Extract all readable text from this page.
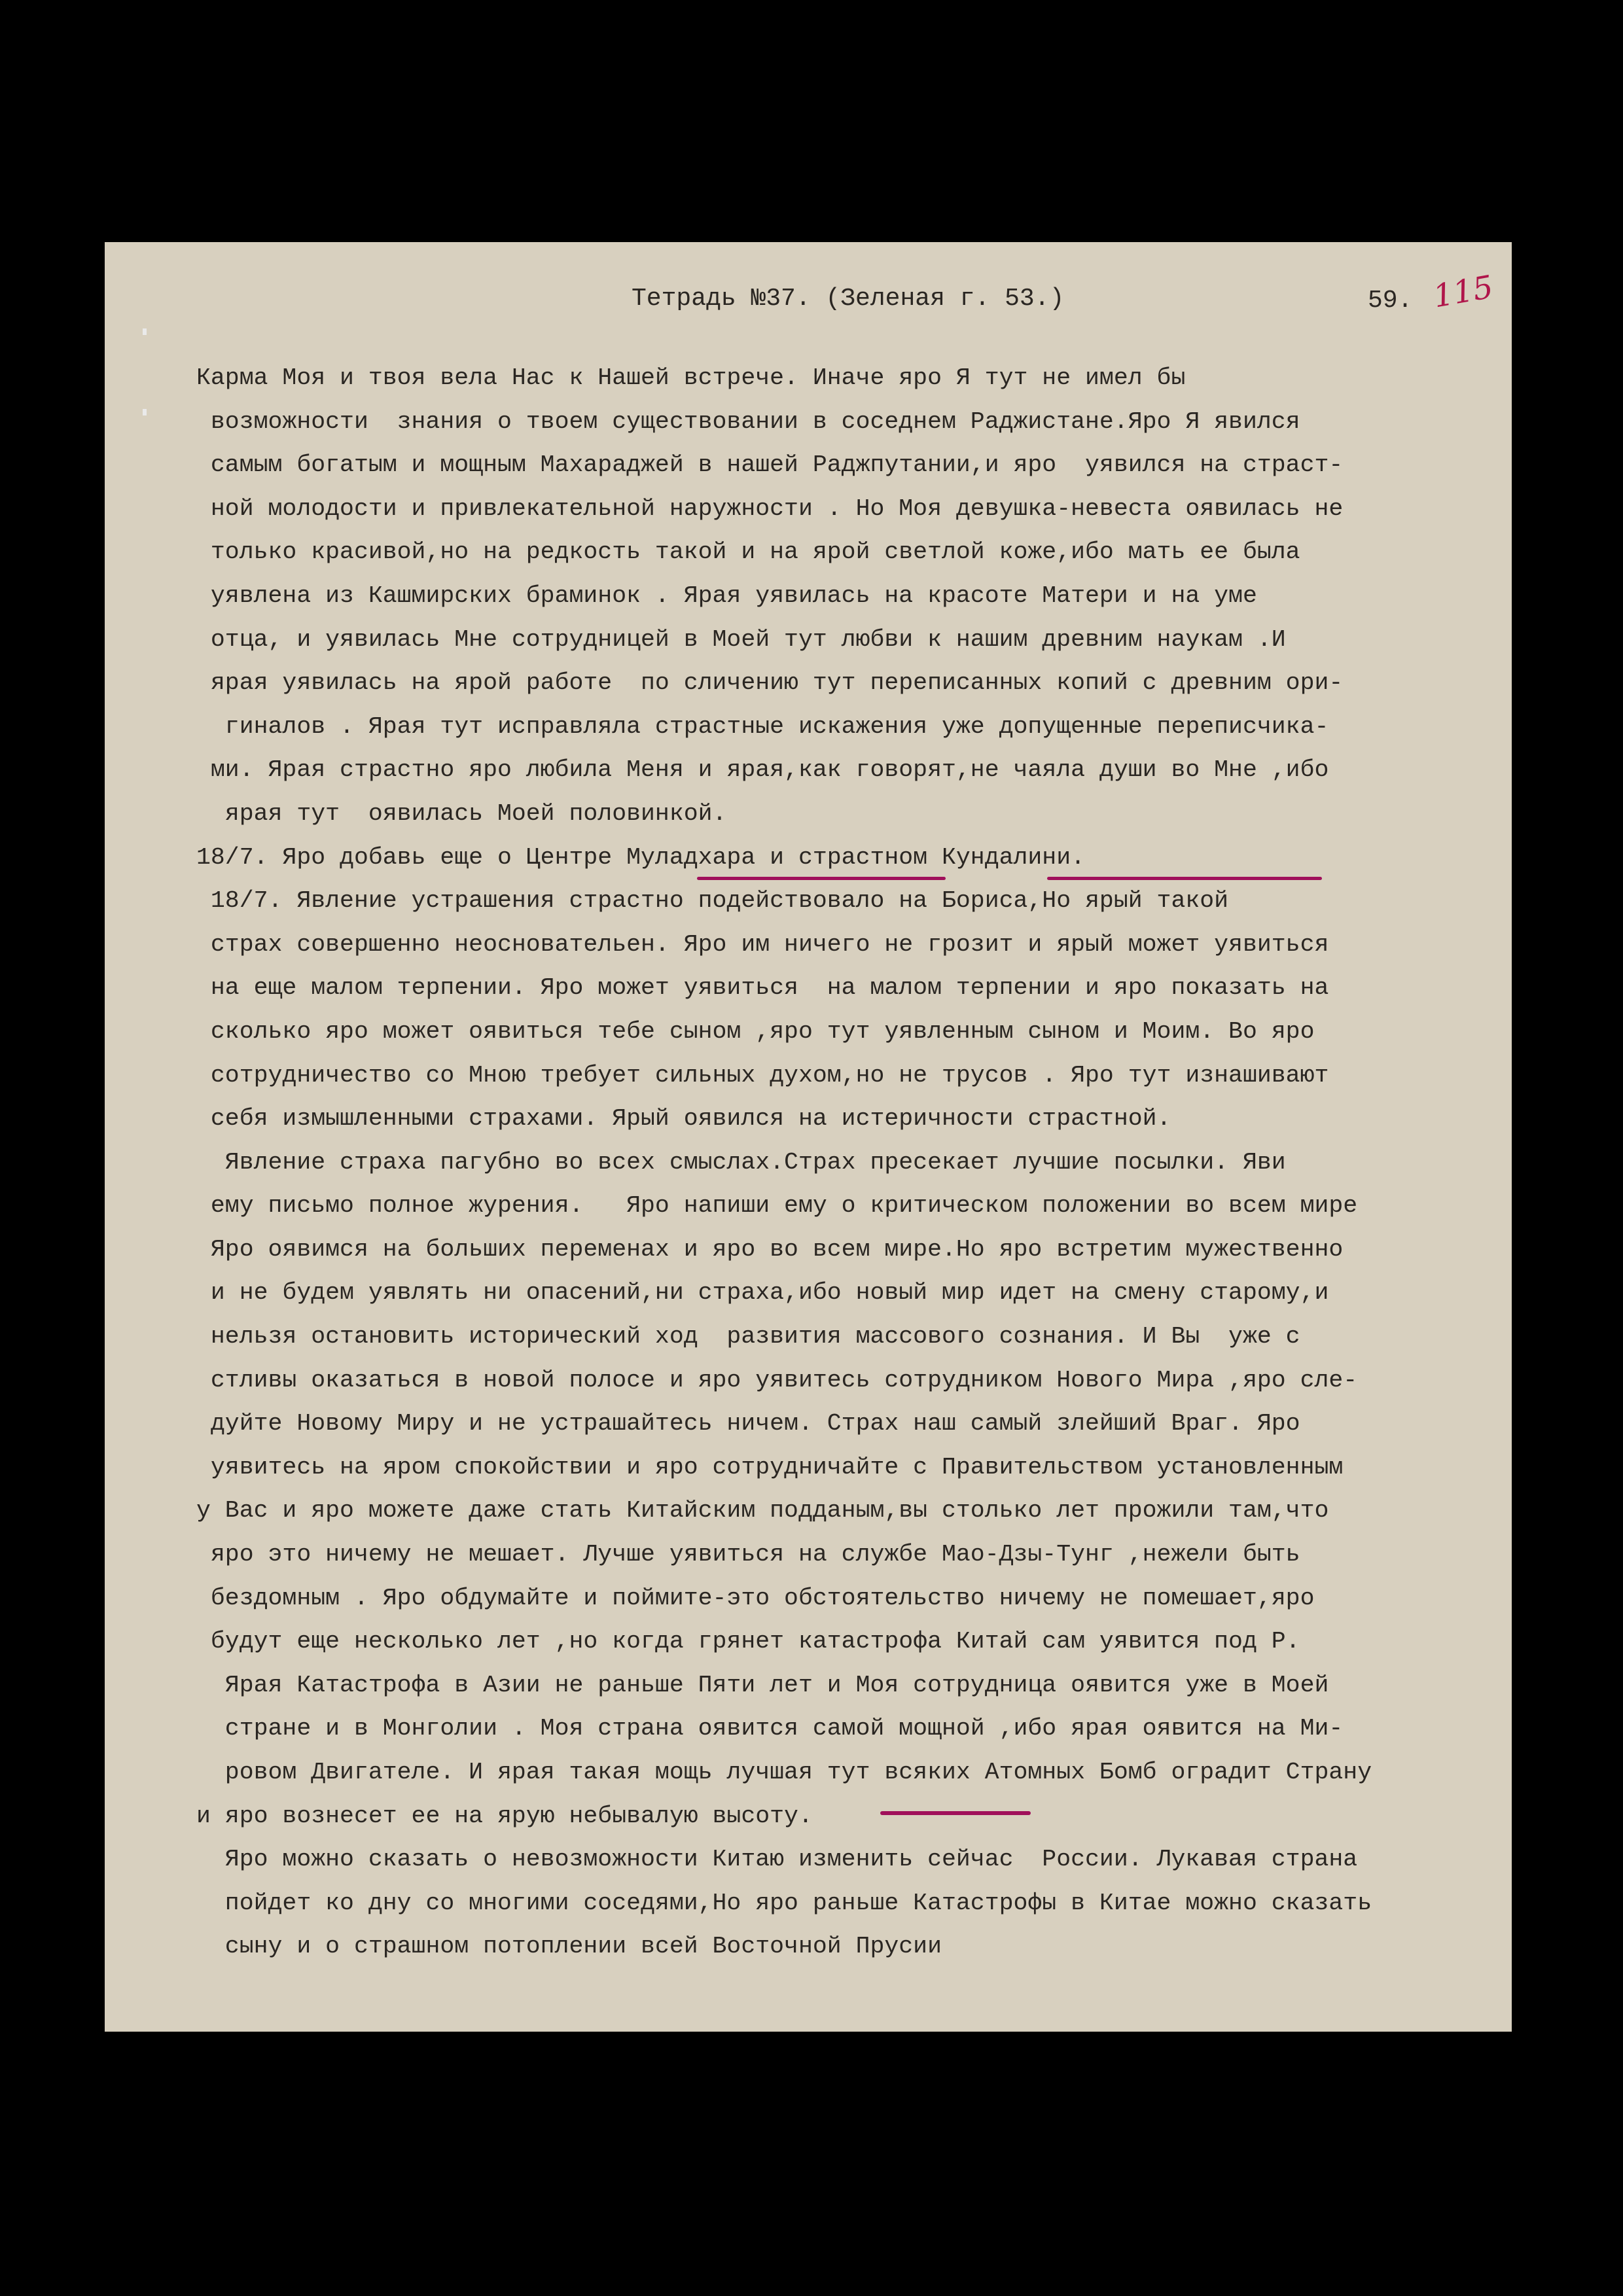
Тетрадь №37. (Зеленая г. 53.)	59. 115
Карма Моя и твоя вела Нас к Нашей встрече. Иначе яро Я тут не имел бы
возможности  знания о твоем существовании в соседнем Раджистане.Яро Я явился
самым богатым и мощным Махараджей в нашей Раджпутании,и яро  уявился на страст-
ной молодости и привлекательной наружности . Но Моя девушка-невеста оявилась не
только красивой,но на редкость такой и на ярой светлой коже,ибо мать ее была
уявлена из Кашмирских браминок . Ярая уявилась на красоте Матери и на уме
отца, и уявилась Мне сотрудницей в Моей тут любви к нашим древним наукам .И
ярая уявилась на ярой работе  по сличению тут переписанных копий с древним ори-
гиналов . Ярая тут исправляла страстные искажения уже допущенные переписчика-
ми. Ярая страстно яро любила Меня и ярая,как говорят,не чаяла души во Мне ,ибо
ярая тут  оявилась Моей половинкой.
18/7. Яро добавь еще о Центре Муладхара и страстном Кундалини.
18/7. Явление устрашения страстно подействовало на Бориса,Но ярый такой
страх совершенно неосновательен. Яро им ничего не грозит и ярый может уявиться
на еще малом терпении. Яро может уявиться  на малом терпении и яро показать на
сколько яро может оявиться тебе сыном ,яро тут уявленным сыном и Моим. Во яро
сотрудничество со Мною требует сильных духом,но не трусов . Яро тут изнашивают
себя измышленными страхами. Ярый оявился на истеричности страстной.
Явление страха пагубно во всех смыслах.Страх пресекает лучшие посылки. Яви
ему письмо полное журения.   Яро напиши ему о критическом положении во всем мире
Яро оявимся на больших переменах и яро во всем мире.Но яро встретим мужественно
и не будем уявлять ни опасений,ни страха,ибо новый мир идет на смену старому,и
нельзя остановить исторический ход  развития массового сознания. И Вы  уже с
стливы оказаться в новой полосе и яро уявитесь сотрудником Нового Мира ,яро сле-
дуйте Новому Миру и не устрашайтесь ничем. Страх наш самый злейший Враг. Яро
уявитесь на яром спокойствии и яро сотрудничайте с Правительством установленным
у Вас и яро можете даже стать Китайским подданым,вы столько лет прожили там,что
яро это ничему не мешает. Лучше уявиться на службе Мао-Дзы-Тунг ,нежели быть
бездомным . Яро обдумайте и поймите-это обстоятельство ничему не помешает,яро
будут еще несколько лет ,но когда грянет катастрофа Китай сам уявится под Р.
Ярая Катастрофа в Азии не раньше Пяти лет и Моя сотрудница оявится уже в Моей
стране и в Монголии . Моя страна оявится самой мощной ,ибо ярая оявится на Ми-
ровом Двигателе. И ярая такая мощь лучшая тут всяких Атомных Бомб оградит Страну
и яро вознесет ее на ярую небывалую высоту.
Яро можно сказать о невозможности Китаю изменить сейчас  России. Лукавая страна
пойдет ко дну со многими соседями,Но яро раньше Катастрофы в Китае можно сказать
сыну и о страшном потоплении всей Восточной Прусии
